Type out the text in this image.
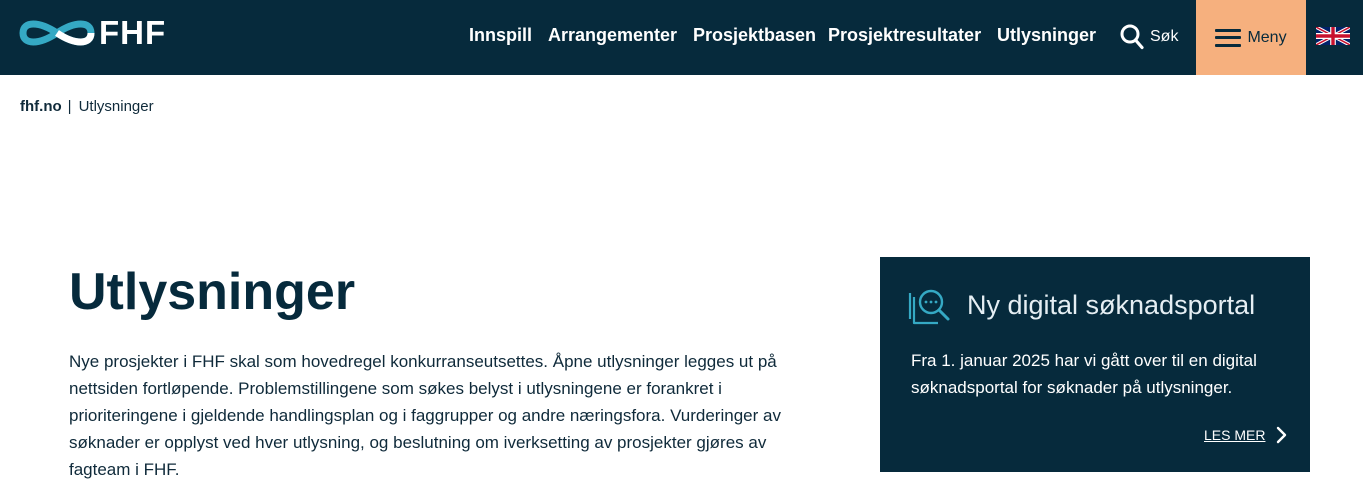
FHF	Innspill Arrangementer Prosjektbasen Prosjektresultater Utlysninger	Søk	Meny
fhf.no | Utlysninger
Utlysninger

Nye prosjekter i FHF skal som hovedregel konkurranseutsettes. Åpne utlysninger legges ut på nettsiden fortløpende. Problemstillingene som søkes belyst i utlysningene er forankret i prioriteringene i gjeldende handlingsplan og i faggrupper og andre næringsfora. Vurderinger av søknader er opplyst ved hver utlysning, og beslutning om iverksetting av prosjekter gjøres av fagteam i FHF.

Ny digital søknadsportal

Fra 1. januar 2025 har vi gått over til en digital søknadsportal for søknader på utlysninger.

LES MER
